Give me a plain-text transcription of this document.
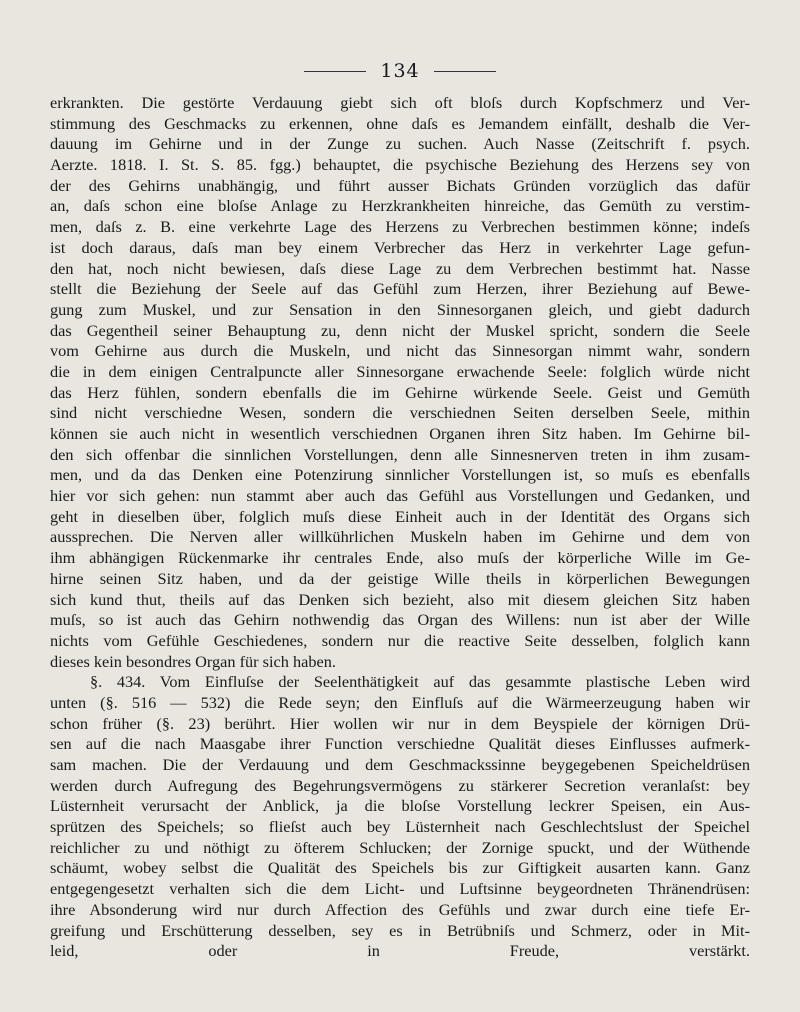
134
erkrankten. Die gestörte Verdauung giebt sich oft bloſs durch Kopfschmerz und Ver-
stimmung des Geschmacks zu erkennen, ohne daſs es Jemandem einfällt, deshalb die Ver-
dauung im Gehirne und in der Zunge zu suchen. Auch Nasse (Zeitschrift f. psych.
Aerzte. 1818. I. St. S. 85. fgg.) behauptet, die psychische Beziehung des Herzens sey von
der des Gehirns unabhängig, und führt ausser Bichats Gründen vorzüglich das dafür
an, daſs schon eine bloſse Anlage zu Herzkrankheiten hinreiche, das Gemüth zu verstim-
men, daſs z. B. eine verkehrte Lage des Herzens zu Verbrechen bestimmen könne; indeſs
ist doch daraus, daſs man bey einem Verbrecher das Herz in verkehrter Lage gefun-
den hat, noch nicht bewiesen, daſs diese Lage zu dem Verbrechen bestimmt hat. Nasse
stellt die Beziehung der Seele auf das Gefühl zum Herzen, ihrer Beziehung auf Bewe-
gung zum Muskel, und zur Sensation in den Sinnesorganen gleich, und giebt dadurch
das Gegentheil seiner Behauptung zu, denn nicht der Muskel spricht, sondern die Seele
vom Gehirne aus durch die Muskeln, und nicht das Sinnesorgan nimmt wahr, sondern
die in dem einigen Centralpuncte aller Sinnesorgane erwachende Seele: folglich würde nicht
das Herz fühlen, sondern ebenfalls die im Gehirne würkende Seele. Geist und Gemüth
sind nicht verschiedne Wesen, sondern die verschiednen Seiten derselben Seele, mithin
können sie auch nicht in wesentlich verschiednen Organen ihren Sitz haben. Im Gehirne bil-
den sich offenbar die sinnlichen Vorstellungen, denn alle Sinnesnerven treten in ihm zusam-
men, und da das Denken eine Potenzirung sinnlicher Vorstellungen ist, so muſs es ebenfalls
hier vor sich gehen: nun stammt aber auch das Gefühl aus Vorstellungen und Gedanken, und
geht in dieselben über, folglich muſs diese Einheit auch in der Identität des Organs sich
aussprechen. Die Nerven aller willkührlichen Muskeln haben im Gehirne und dem von
ihm abhängigen Rückenmarke ihr centrales Ende, also muſs der körperliche Wille im Ge-
hirne seinen Sitz haben, und da der geistige Wille theils in körperlichen Bewegungen
sich kund thut, theils auf das Denken sich bezieht, also mit diesem gleichen Sitz haben
muſs, so ist auch das Gehirn nothwendig das Organ des Willens: nun ist aber der Wille
nichts vom Gefühle Geschiedenes, sondern nur die reactive Seite desselben, folglich kann
dieses kein besondres Organ für sich haben.
§. 434. Vom Einfluſse der Seelenthätigkeit auf das gesammte plastische Leben wird
unten (§. 516 — 532) die Rede seyn; den Einfluſs auf die Wärmeerzeugung haben wir
schon früher (§. 23) berührt. Hier wollen wir nur in dem Beyspiele der körnigen Drü-
sen auf die nach Maasgabe ihrer Function verschiedne Qualität dieses Einflusses aufmerk-
sam machen. Die der Verdauung und dem Geschmackssinne beygegebenen Speicheldrüsen
werden durch Aufregung des Begehrungsvermögens zu stärkerer Secretion veranlaſst: bey
Lüsternheit verursacht der Anblick, ja die bloſse Vorstellung leckrer Speisen, ein Aus-
sprützen des Speichels; so flieſst auch bey Lüsternheit nach Geschlechtslust der Speichel
reichlicher zu und nöthigt zu öfterem Schlucken; der Zornige spuckt, und der Wüthende
schäumt, wobey selbst die Qualität des Speichels bis zur Giftigkeit ausarten kann. Ganz
entgegengesetzt verhalten sich die dem Licht- und Luftsinne beygeordneten Thränendrüsen:
ihre Absonderung wird nur durch Affection des Gefühls und zwar durch eine tiefe Er-
greifung und Erschütterung desselben, sey es in Betrübniſs und Schmerz, oder in Mit-
leid, oder in Freude, verstärkt.
